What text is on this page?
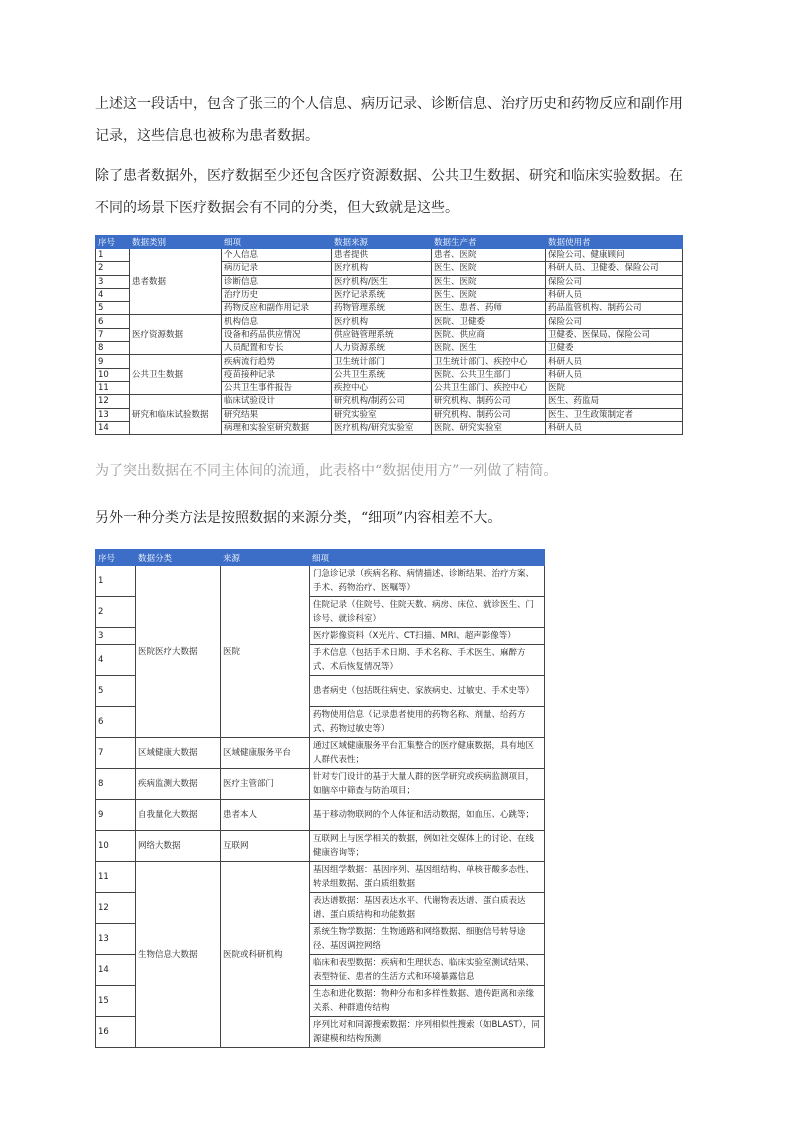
上述这一段话中，包含了张三的个人信息、病历记录、诊断信息、治疗历史和药物反应和副作用记录，这些信息也被称为患者数据。

除了患者数据外，医疗数据至少还包含医疗资源数据、公共卫生数据、研究和临床实验数据。在不同的场景下医疗数据会有不同的分类，但大致就是这些。

序号	数据类别	细项	数据来源	数据生产者	数据使用者
1	患者数据	个人信息	患者提供	患者、医院	保险公司、健康顾问
2		病历记录	医疗机构	医生、医院	科研人员、卫健委、保险公司
3		诊断信息	医疗机构/医生	医生、医院	保险公司
4		治疗历史	医疗记录系统	医生、医院	科研人员
5		药物反应和副作用记录	药物管理系统	医生、患者、药师	药品监管机构、制药公司
6	医疗资源数据	机构信息	医疗机构	医院、卫健委	保险公司
7		设备和药品供应情况	供应链管理系统	医院、供应商	卫健委、医保局、保险公司
8		人员配置和专长	人力资源系统	医院、医生	卫健委
9	公共卫生数据	疾病流行趋势	卫生统计部门	卫生统计部门、疾控中心	科研人员
10		疫苗接种记录	公共卫生系统	医院、公共卫生部门	科研人员
11		公共卫生事件报告	疾控中心	公共卫生部门、疾控中心	医院
12	研究和临床试验数据	临床试验设计	研究机构/制药公司	研究机构、制药公司	医生、药监局
13		研究结果	研究实验室	研究机构、制药公司	医生、卫生政策制定者
14		病理和实验室研究数据	医疗机构/研究实验室	医院、研究实验室	科研人员

为了突出数据在不同主体间的流通，此表格中“数据使用方”一列做了精简。

另外一种分类方法是按照数据的来源分类，“细项”内容相差不大。

序号	数据分类	来源	细项
1	医院医疗大数据	医院	门急诊记录（疾病名称、病情描述、诊断结果、治疗方案、手术、药物治疗、医嘱等）
2			住院记录（住院号、住院天数、病房、床位、就诊医生、门诊号、就诊科室）
3			医疗影像资料（X光片、CT扫描、MRI、超声影像等）
4			手术信息（包括手术日期、手术名称、手术医生、麻醉方式、术后恢复情况等）
5			患者病史（包括既往病史、家族病史、过敏史、手术史等）
6			药物使用信息（记录患者使用的药物名称、剂量、给药方式、药物过敏史等）
7	区域健康大数据	区域健康服务平台	通过区域健康服务平台汇集整合的医疗健康数据，具有地区人群代表性；
8	疾病监测大数据	医疗主管部门	针对专门设计的基于大量人群的医学研究或疾病监测项目，如脑卒中筛查与防治项目；
9	自我量化大数据	患者本人	基于移动物联网的个人体征和活动数据，如血压、心跳等；
10	网络大数据	互联网	互联网上与医学相关的数据，例如社交媒体上的讨论、在线健康咨询等；
11	生物信息大数据	医院或科研机构	基因组学数据：基因序列、基因组结构、单核苷酸多态性、转录组数据、蛋白质组数据
12			表达谱数据：基因表达水平、代谢物表达谱、蛋白质表达谱、蛋白质结构和功能数据
13			系统生物学数据：生物通路和网络数据、细胞信号转导途径、基因调控网络
14			临床和表型数据：疾病和生理状态、临床实验室测试结果、表型特征、患者的生活方式和环境暴露信息
15			生态和进化数据：物种分布和多样性数据、遗传距离和亲缘关系、种群遗传结构
16			序列比对和同源搜索数据：序列相似性搜索（如BLAST），同源建模和结构预测
